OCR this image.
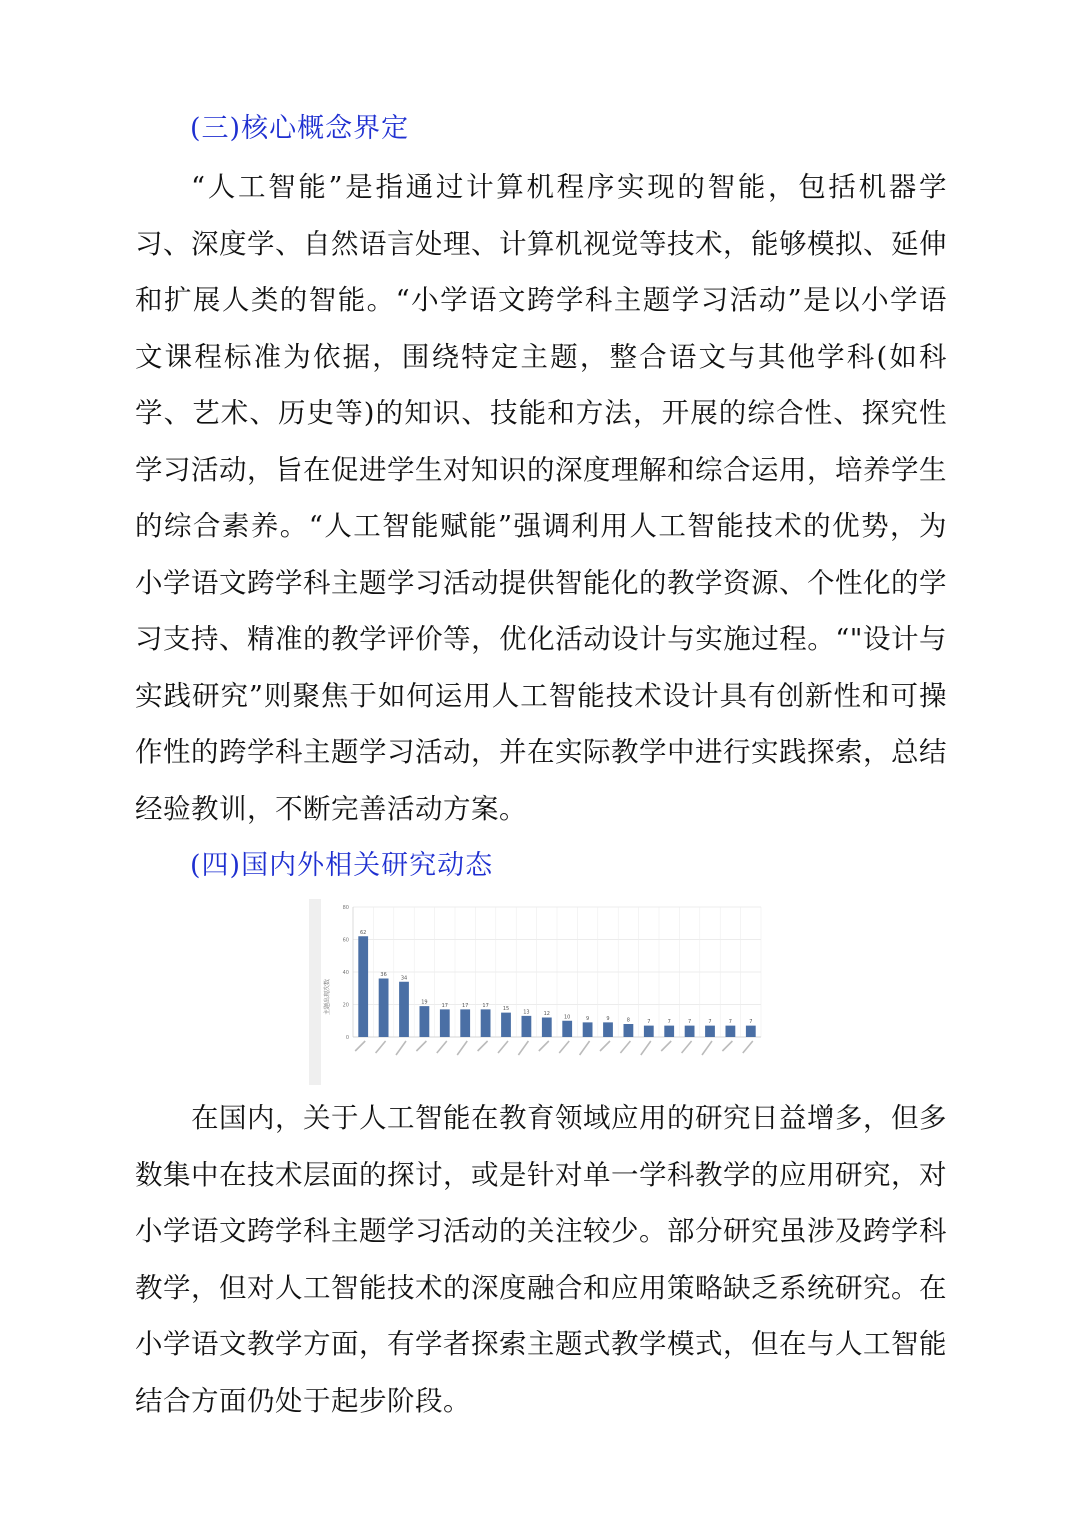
(三)核心概念界定

“人工智能”是指通过计算机程序实现的智能，包括机器学习、深度学、自然语言处理、计算机视觉等技术，能够模拟、延伸和扩展人类的智能。“小学语文跨学科主题学习活动”是以小学语文课程标准为依据，围绕特定主题，整合语文与其他学科(如科学、艺术、历史等)的知识、技能和方法，开展的综合性、探究性学习活动，旨在促进学生对知识的深度理解和综合运用，培养学生的综合素养。“人工智能赋能”强调利用人工智能技术的优势，为小学语文跨学科主题学习活动提供智能化的教学资源、个性化的学习支持、精准的教学评价等，优化活动设计与实施过程。“"设计与实践研究”则聚焦于如何运用人工智能技术设计具有创新性和可操作性的跨学科主题学习活动，并在实际教学中进行实践探索，总结经验教训，不断完善活动方案。

(四)国内外相关研究动态
主题出现次数
0
20
40
60
80
62
36
34
19
17	17	17
15
13	12
10	9	9	8	7	7	7	7	7	7

在国内，关于人工智能在教育领域应用的研究日益增多，但多数集中在技术层面的探讨，或是针对单一学科教学的应用研究，对小学语文跨学科主题学习活动的关注较少。部分研究虽涉及跨学科教学，但对人工智能技术的深度融合和应用策略缺乏系统研究。在小学语文教学方面，有学者探索主题式教学模式，但在与人工智能结合方面仍处于起步阶段。
